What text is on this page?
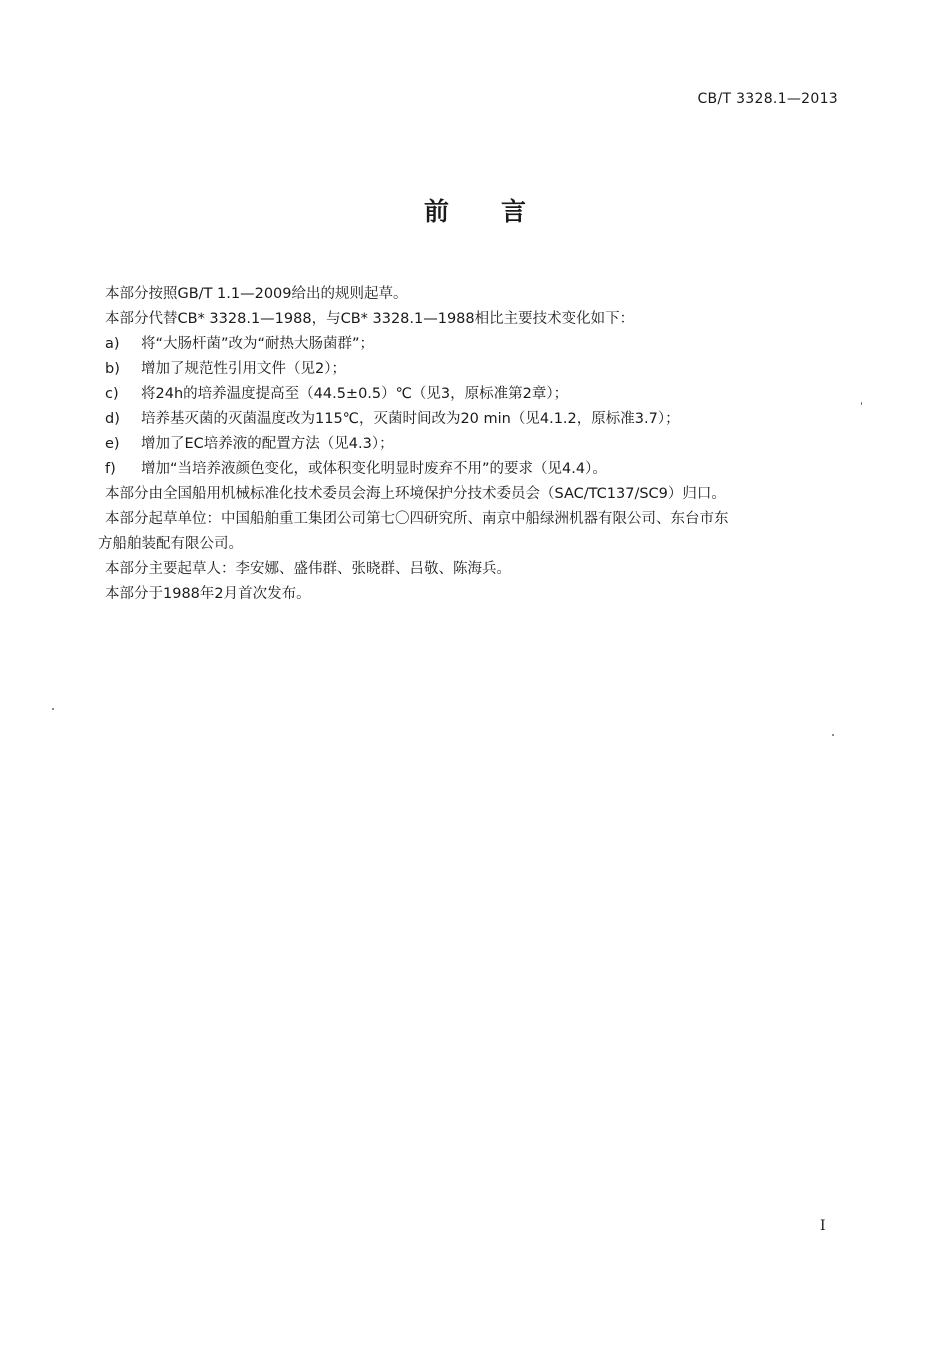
CB/T 3328.1—2013
前 言

本部分按照GB/T 1.1—2009给出的规则起草。

本部分代替CB* 3328.1—1988，与CB* 3328.1—1988相比主要技术变化如下：

a)	将“大肠杆菌”改为“耐热大肠菌群”；
b)	增加了规范性引用文件（见2）；
c)	将24h的培养温度提高至（44.5±0.5）℃（见3，原标准第2章）；
d)	培养基灭菌的灭菌温度改为115℃，灭菌时间改为20 min（见4.1.2，原标准3.7）；
e)	增加了EC培养液的配置方法（见4.3）；
f)	增加“当培养液颜色变化，或体积变化明显时废弃不用”的要求（见4.4）。

本部分由全国船用机械标准化技术委员会海上环境保护分技术委员会（SAC/TC137/SC9）归口。

本部分起草单位：中国船舶重工集团公司第七〇四研究所、南京中船绿洲机器有限公司、东台市东

方船舶装配有限公司。

本部分主要起草人：李安娜、盛伟群、张晓群、吕敬、陈海兵。

本部分于1988年2月首次发布。

I
